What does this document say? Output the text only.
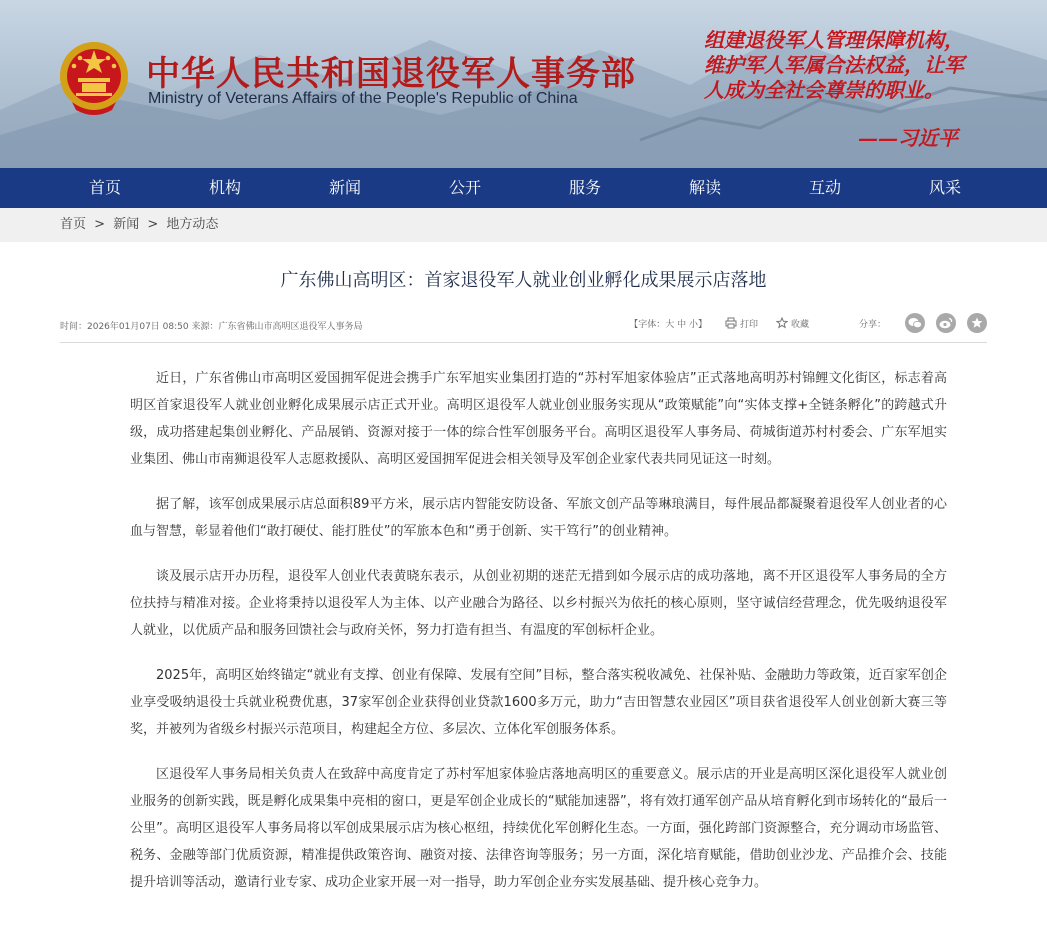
中华人民共和国退役军人事务部
Ministry of Veterans Affairs of the People's Republic of China
组建退役军人管理保障机构，维护军人军属合法权益，让军人成为全社会尊崇的职业。
——习近平
首页	机构	新闻	公开	服务	解读	互动	风采
首页 > 新闻 > 地方动态
广东佛山高明区：首家退役军人就业创业孵化成果展示店落地
时间：2026年01月07日 08:50 来源：广东省佛山市高明区退役军人事务局	【字体：大 中 小】	打印	收藏	分享：

近日，广东省佛山市高明区爱国拥军促进会携手广东军旭实业集团打造的“苏村军旭家体验店”正式落地高明苏村锦鲤文化街区，标志着高明区首家退役军人就业创业孵化成果展示店正式开业。高明区退役军人就业创业服务实现从“政策赋能”向“实体支撑+全链条孵化”的跨越式升级，成功搭建起集创业孵化、产品展销、资源对接于一体的综合性军创服务平台。高明区退役军人事务局、荷城街道苏村村委会、广东军旭实业集团、佛山市南狮退役军人志愿救援队、高明区爱国拥军促进会相关领导及军创企业家代表共同见证这一时刻。

据了解，该军创成果展示店总面积89平方米，展示店内智能安防设备、军旅文创产品等琳琅满目，每件展品都凝聚着退役军人创业者的心血与智慧，彰显着他们“敢打硬仗、能打胜仗”的军旅本色和“勇于创新、实干笃行”的创业精神。

谈及展示店开办历程，退役军人创业代表黄晓东表示，从创业初期的迷茫无措到如今展示店的成功落地，离不开区退役军人事务局的全方位扶持与精准对接。企业将秉持以退役军人为主体、以产业融合为路径、以乡村振兴为依托的核心原则，坚守诚信经营理念，优先吸纳退役军人就业，以优质产品和服务回馈社会与政府关怀，努力打造有担当、有温度的军创标杆企业。

2025年，高明区始终锚定“就业有支撑、创业有保障、发展有空间”目标，整合落实税收减免、社保补贴、金融助力等政策，近百家军创企业享受吸纳退役士兵就业税费优惠，37家军创企业获得创业贷款1600多万元，助力“吉田智慧农业园区”项目获省退役军人创业创新大赛三等奖，并被列为省级乡村振兴示范项目，构建起全方位、多层次、立体化军创服务体系。

区退役军人事务局相关负责人在致辞中高度肯定了苏村军旭家体验店落地高明区的重要意义。展示店的开业是高明区深化退役军人就业创业服务的创新实践，既是孵化成果集中亮相的窗口，更是军创企业成长的“赋能加速器”，将有效打通军创产品从培育孵化到市场转化的“最后一公里”。高明区退役军人事务局将以军创成果展示店为核心枢纽，持续优化军创孵化生态。一方面，强化跨部门资源整合，充分调动市场监管、税务、金融等部门优质资源，精准提供政策咨询、融资对接、法律咨询等服务；另一方面，深化培育赋能，借助创业沙龙、产品推介会、技能提升培训等活动，邀请行业专家、成功企业家开展一对一指导，助力军创企业夯实发展基础、提升核心竞争力。
